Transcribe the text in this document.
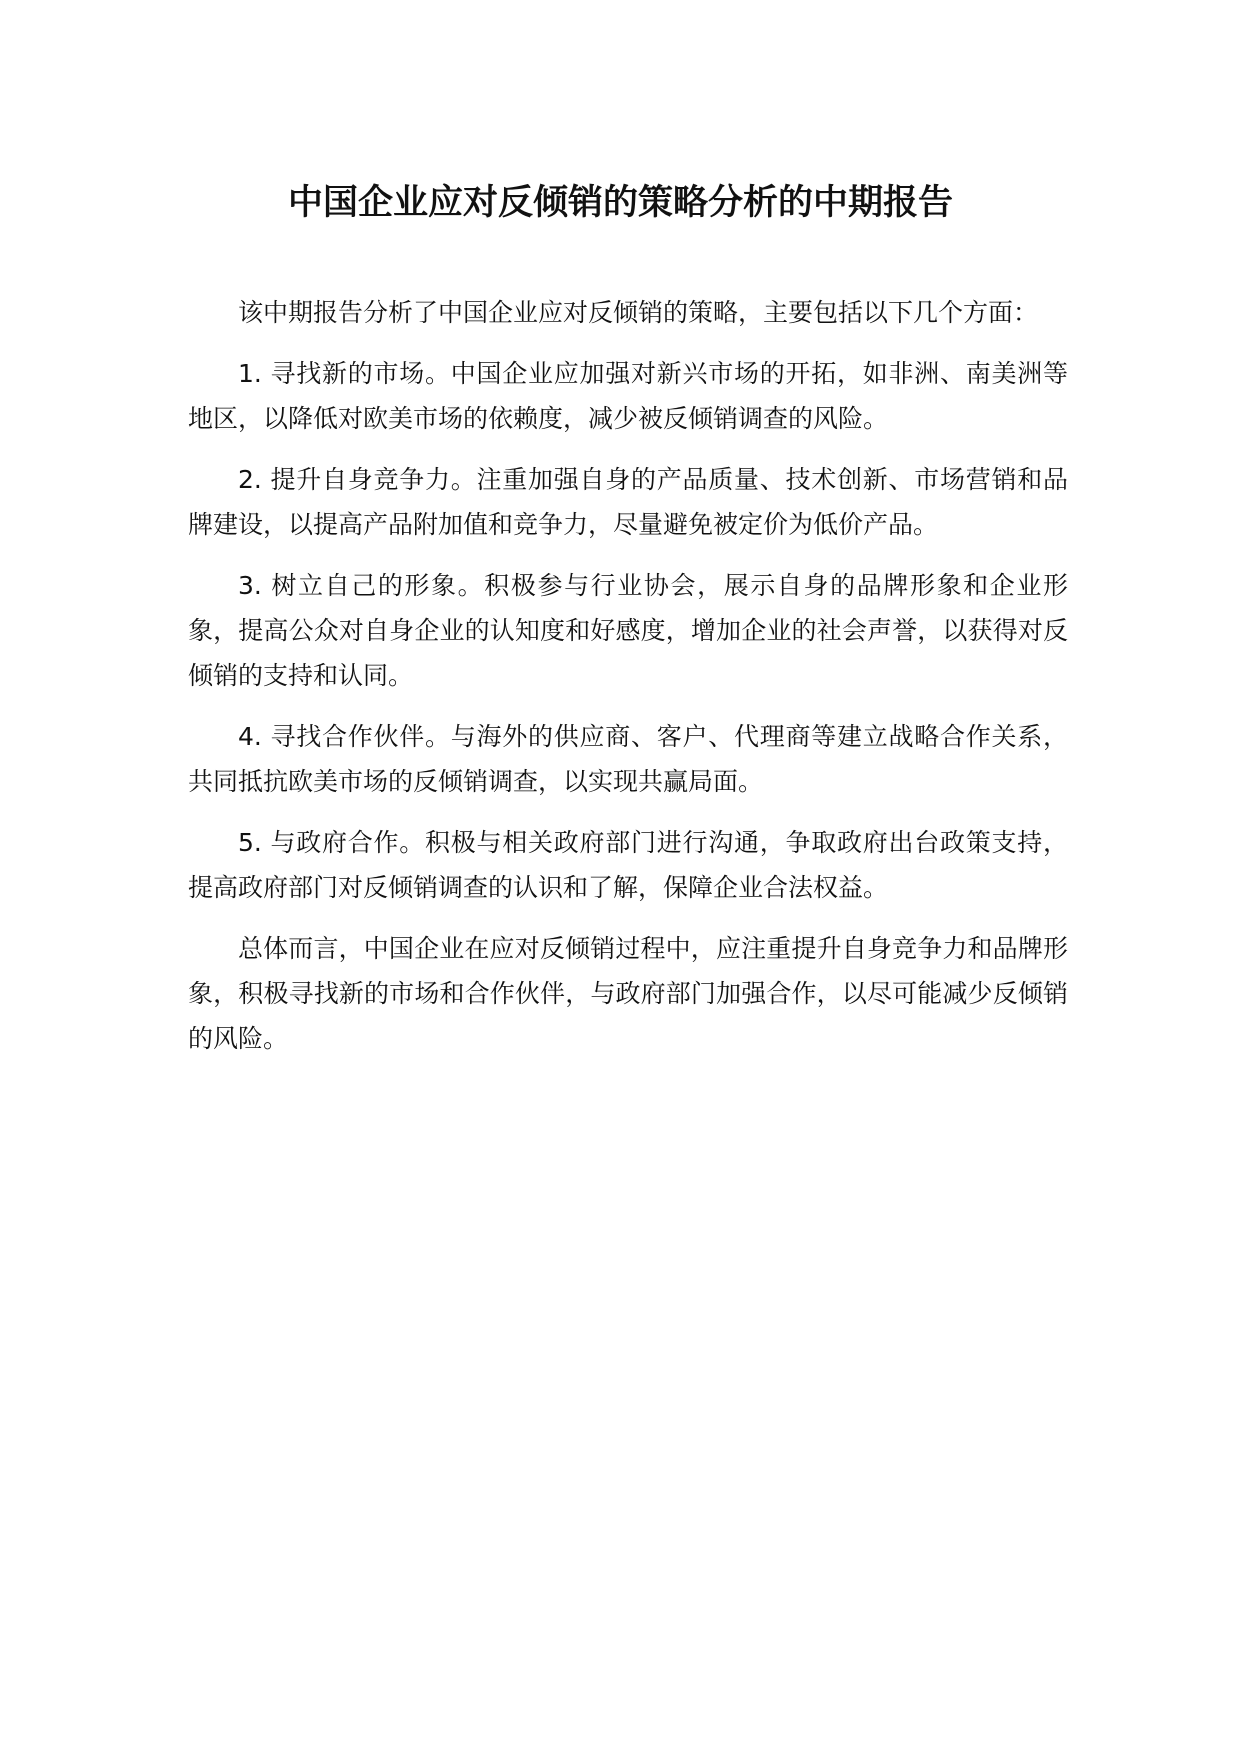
中国企业应对反倾销的策略分析的中期报告

该中期报告分析了中国企业应对反倾销的策略，主要包括以下几个方面：

1. 寻找新的市场。中国企业应加强对新兴市场的开拓，如非洲、南美洲等地区，以降低对欧美市场的依赖度，减少被反倾销调查的风险。

2. 提升自身竞争力。注重加强自身的产品质量、技术创新、市场营销和品牌建设，以提高产品附加值和竞争力，尽量避免被定价为低价产品。

3. 树立自己的形象。积极参与行业协会，展示自身的品牌形象和企业形象，提高公众对自身企业的认知度和好感度，增加企业的社会声誉，以获得对反倾销的支持和认同。

4. 寻找合作伙伴。与海外的供应商、客户、代理商等建立战略合作关系，共同抵抗欧美市场的反倾销调查，以实现共赢局面。

5. 与政府合作。积极与相关政府部门进行沟通，争取政府出台政策支持，提高政府部门对反倾销调查的认识和了解，保障企业合法权益。

总体而言，中国企业在应对反倾销过程中，应注重提升自身竞争力和品牌形象，积极寻找新的市场和合作伙伴，与政府部门加强合作，以尽可能减少反倾销的风险。
